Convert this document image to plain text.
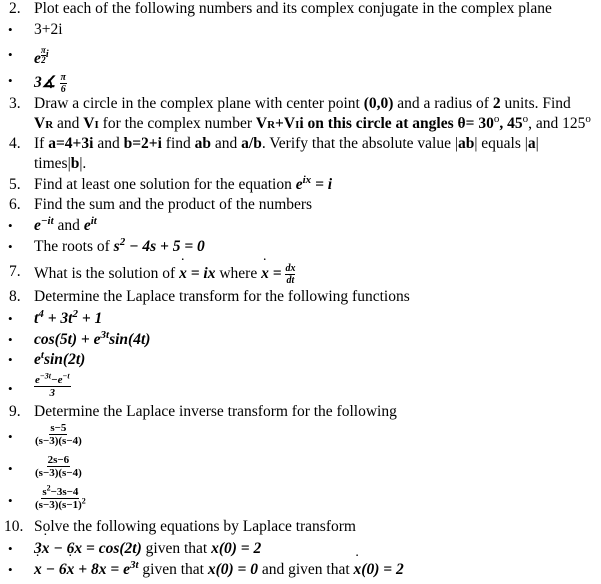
2. Plot each of the following numbers and its complex conjugate in the complex plane
• 3+2i
• e $^{\frac{\pi}{2}}$ $^i$
• 3∡ $\frac{\pi}{6}$
3. Draw a circle in the complex plane with center point (0,0) and a radius of 2 units. Find
VR and VI for the complex number VR+VIi on this circle at angles $\theta= 30^o$, 45$^o$, and 125$^o$
4. If a=4+3i and b=2+i find ab and a/b. Verify that the absolute value |ab| equals |a|
times|b|.
5. Find at least one solution for the equation $e^{ix} = i$
6. Find the sum and the product of the numbers
• $e^{-it}$ and $e^{it}$
• The roots of $s^2 - 4s + 5 = 0$
7. What is the solution of ˙ x = ix where ˙ $x = \frac{dx}{dt}$
8. Determine the Laplace transform for the following functions
• $t^4 + 3t^2 + 1$
• $\cos(5t) + e^{3t}\sin(4t)$
• $e^t\sin(2t)$
• $\frac{e^{-3t}-e^{-t}}{3}$
9. Determine the Laplace inverse transform for the following
• $\frac{s-5}{(s-3)(s-4)}$
• $\frac{2s-6}{(s-3)(s-4)}$
• $\frac{s^2-3s-4}{(s-3)(s-1)^2}$
10. Solve the following equations by Laplace transform
• 3˙ x − 6x = cos(2t) given that x(0) = 2
•
˙ x − 6˙ $x + 8x = e^{3t}$ given that x(0) = 0 and given that ˙ x(0) = 2
